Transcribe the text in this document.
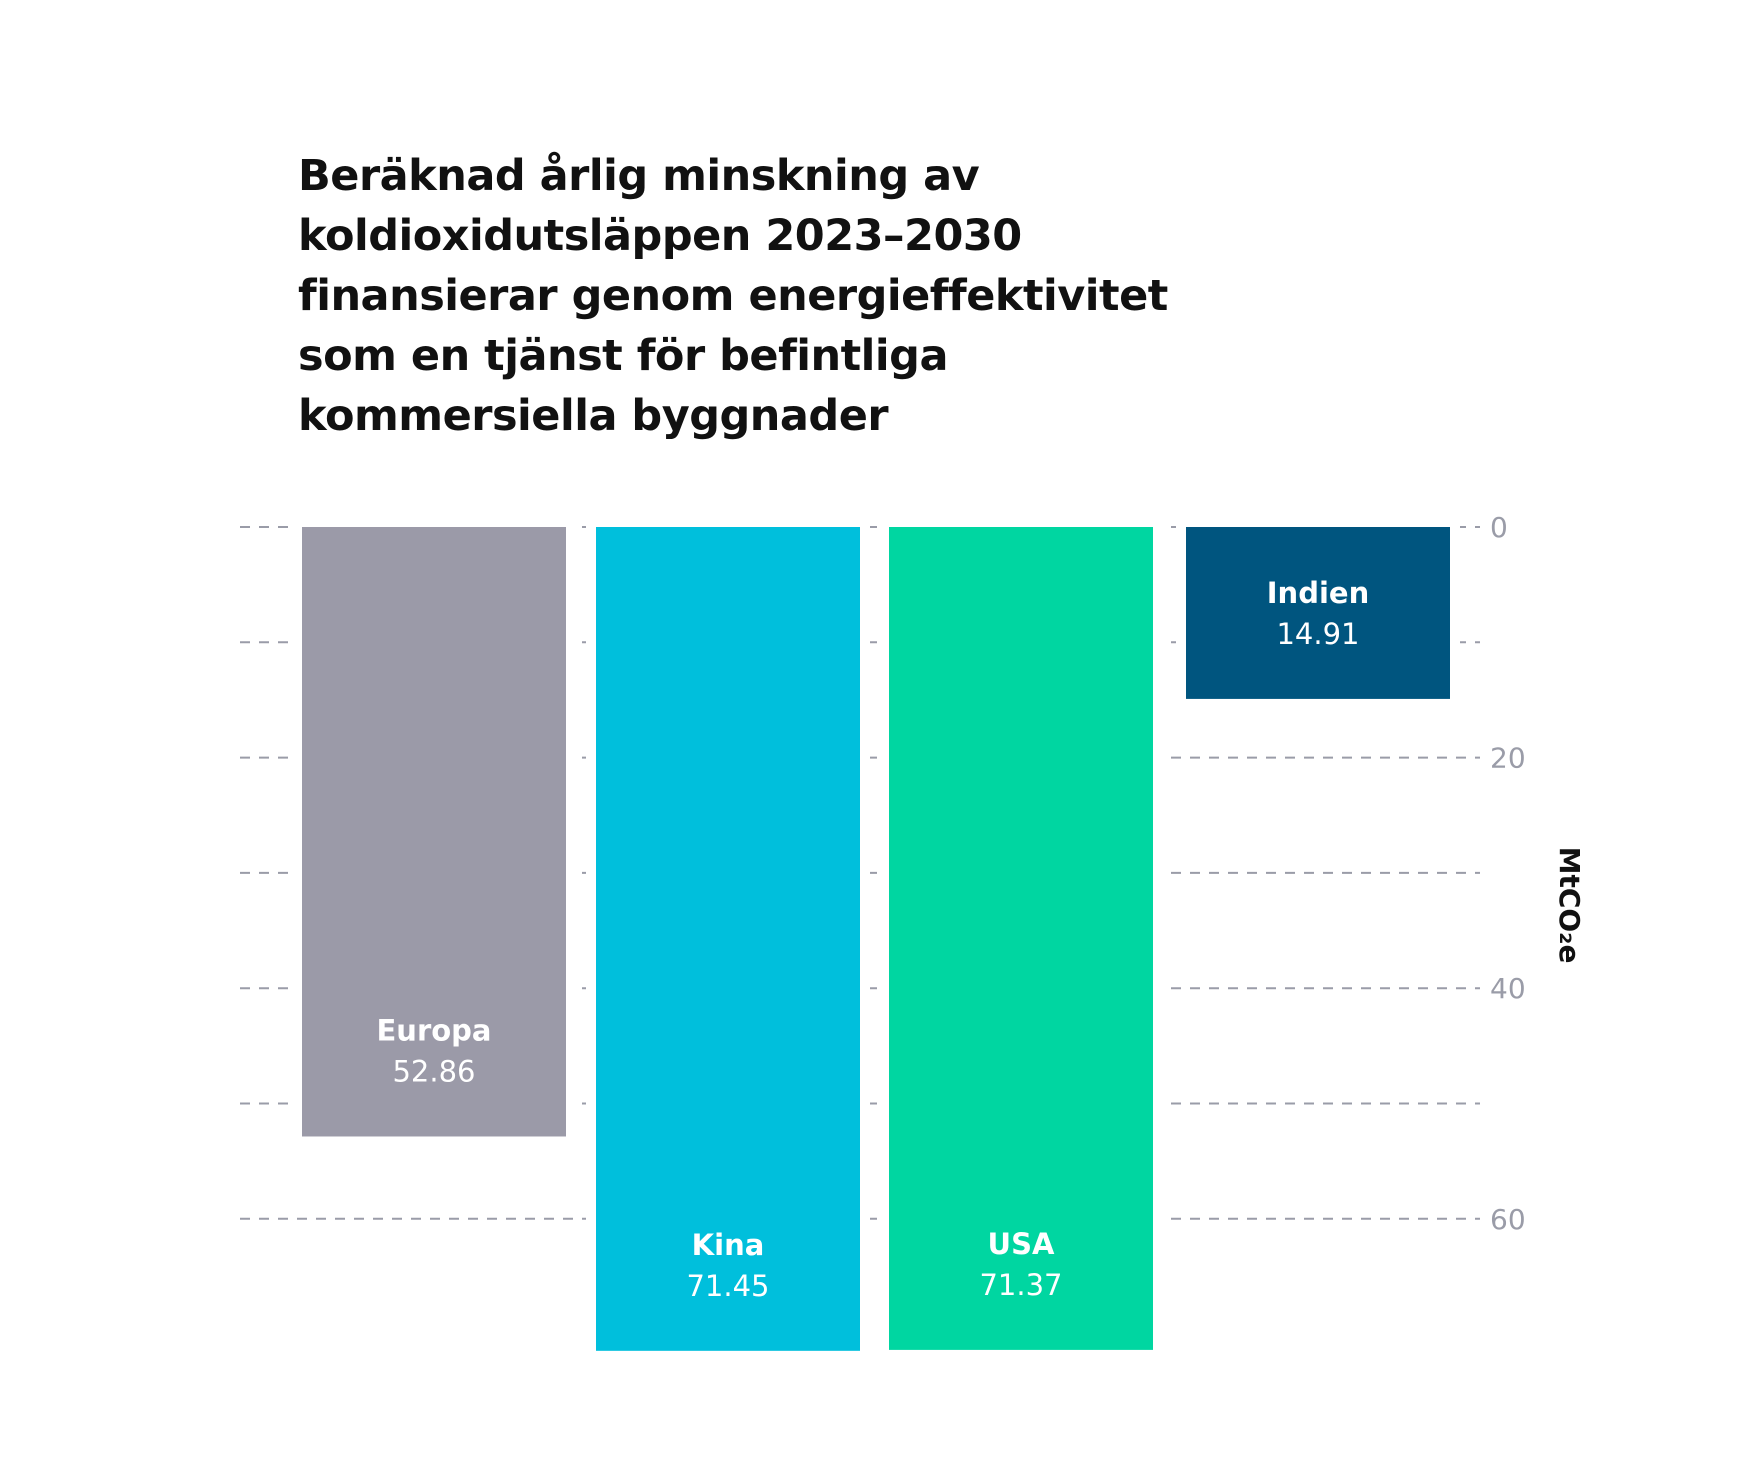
Beräknad årlig minskning av
koldioxidutsläppen 2023–2030
finansierar genom energieffektivitet
som en tjänst för befintliga
kommersiella byggnader
Europa
52.86
Kina
71.45
USA
71.37
Indien
14.91
0
20
40
60
MtCO₂e
